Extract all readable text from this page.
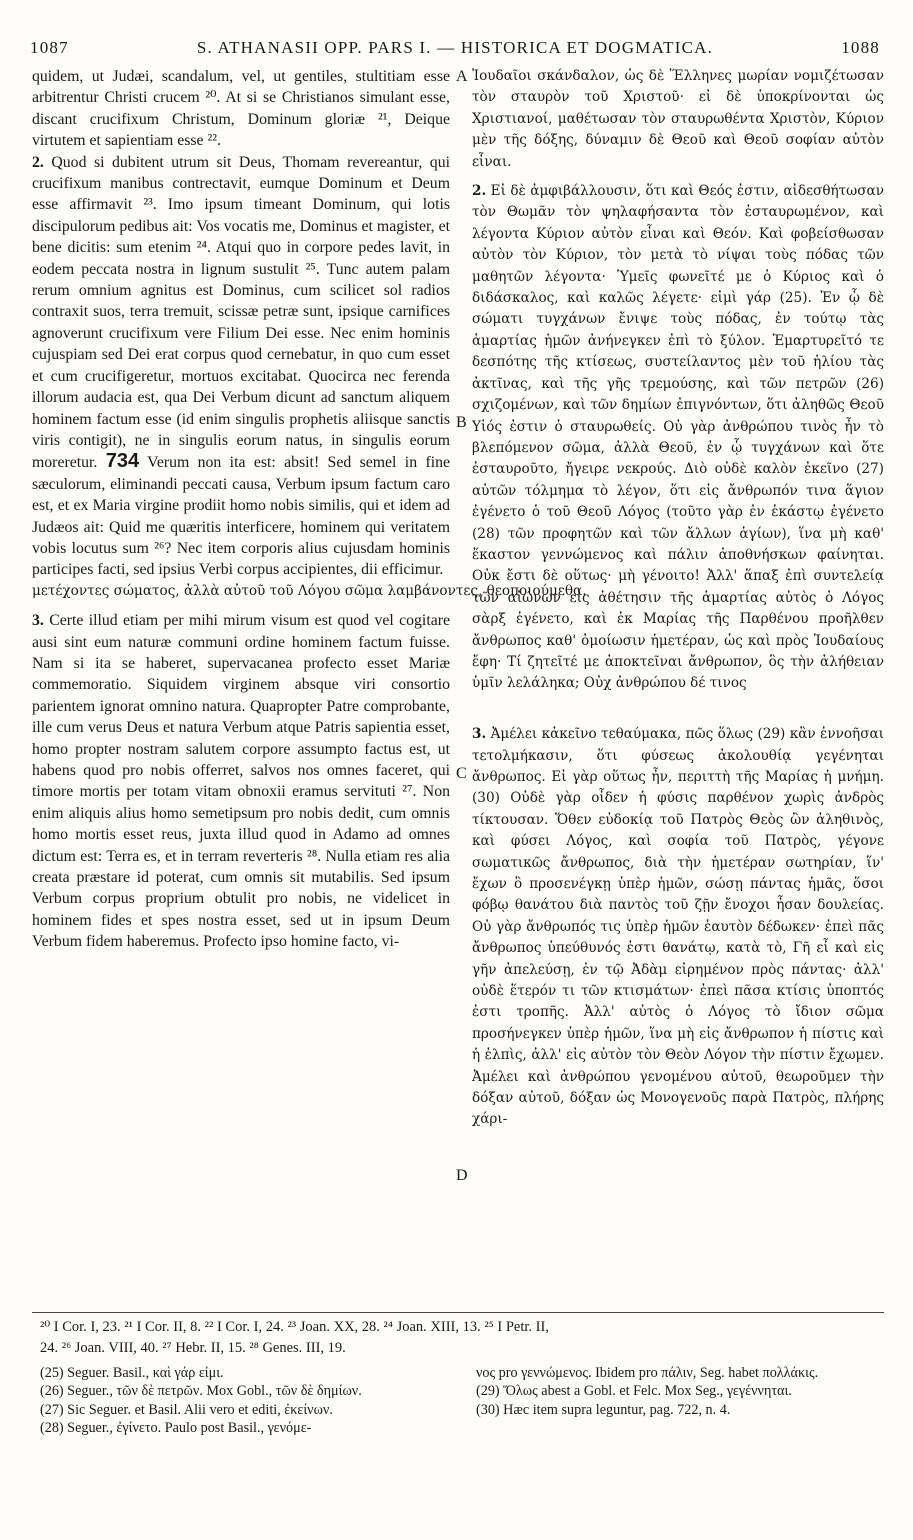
1087	S. ATHANASII OPP. PARS I. — HISTORICA ET DOGMATICA.	1088
A
B
C
D

quidem, ut Judæi, scandalum, vel, ut gentiles, stultitiam esse arbitrentur Christi crucem ²⁰. At si se Christianos simulant esse, discant crucifixum Christum, Dominum gloriæ ²¹, Deique virtutem et sapientiam esse ²².

2. Quod si dubitent utrum sit Deus, Thomam revereantur, qui crucifixum manibus contrectavit, eumque Dominum et Deum esse affirmavit ²³. Imo ipsum timeant Dominum, qui lotis discipulorum pedibus ait: Vos vocatis me, Dominus et magister, et bene dicitis: sum etenim ²⁴. Atqui quo in corpore pedes lavit, in eodem peccata nostra in lignum sustulit ²⁵. Tunc autem palam rerum omnium agnitus est Dominus, cum scilicet sol radios contraxit suos, terra tremuit, scissæ petræ sunt, ipsique carnifices agnoverunt crucifixum vere Filium Dei esse. Nec enim hominis cujuspiam sed Dei erat corpus quod cernebatur, in quo cum esset et cum crucifigeretur, mortuos excitabat. Quocirca nec ferenda illorum audacia est, qua Dei Verbum dicunt ad sanctum aliquem hominem factum esse (id enim singulis prophetis aliisque sanctis viris contigit), ne in singulis eorum natus, in singulis eorum moreretur. 734 Verum non ita est: absit! Sed semel in fine sæculorum, eliminandi peccati causa, Verbum ipsum factum caro est, et ex Maria virgine prodiit homo nobis similis, qui et idem ad Judæos ait: Quid me quæritis interficere, hominem qui veritatem vobis locutus sum ²⁶? Nec item corporis alius cujusdam hominis participes facti, sed ipsius Verbi corpus accipientes, dii efficimur.

μετέχοντες σώματος, ἀλλὰ αὐτοῦ τοῦ Λόγου σῶμα λαμβάνοντες, θεοποιούμεθα.

3. Certe illud etiam per mihi mirum visum est quod vel cogitare ausi sint eum naturæ communi ordine hominem factum fuisse. Nam si ita se haberet, supervacanea profecto esset Mariæ commemoratio. Siquidem virginem absque viri consortio parientem ignorat omnino natura. Quapropter Patre comprobante, ille cum verus Deus et natura Verbum atque Patris sapientia esset, homo propter nostram salutem corpore assumpto factus est, ut habens quod pro nobis offerret, salvos nos omnes faceret, qui timore mortis per totam vitam obnoxii eramus servituti ²⁷. Non enim aliquis alius homo semetipsum pro nobis dedit, cum omnis homo mortis esset reus, juxta illud quod in Adamo ad omnes dictum est: Terra es, et in terram reverteris ²⁸. Nulla etiam res alia creata præstare id poterat, cum omnis sit mutabilis. Sed ipsum Verbum corpus proprium obtulit pro nobis, ne videlicet in hominem fides et spes nostra esset, sed ut in ipsum Deum Verbum fidem haberemus. Profecto ipso homine facto, vi-

Ἰουδαῖοι σκάνδαλον, ὡς δὲ Ἕλληνες μωρίαν νομιζέτωσαν τὸν σταυρὸν τοῦ Χριστοῦ· εἰ δὲ ὑποκρίνονται ὡς Χριστιανοί, μαθέτωσαν τὸν σταυρωθέντα Χριστὸν, Κύριον μὲν τῆς δόξης, δύναμιν δὲ Θεοῦ καὶ Θεοῦ σοφίαν αὐτὸν εἶναι.

2. Εἰ δὲ ἀμφιβάλλουσιν, ὅτι καὶ Θεός ἐστιν, αἰδεσθήτωσαν τὸν Θωμᾶν τὸν ψηλαφήσαντα τὸν ἐσταυρωμένον, καὶ λέγοντα Κύριον αὐτὸν εἶναι καὶ Θεόν. Καὶ φοβείσθωσαν αὐτὸν τὸν Κύριον, τὸν μετὰ τὸ νίψαι τοὺς πόδας τῶν μαθητῶν λέγοντα· Ὑμεῖς φωνεῖτέ με ὁ Κύριος καὶ ὁ διδάσκαλος, καὶ καλῶς λέγετε· εἰμὶ γάρ (25). Ἐν ᾧ δὲ σώματι τυγχάνων ἔνιψε τοὺς πόδας, ἐν τούτῳ τὰς ἁμαρτίας ἡμῶν ἀνήνεγκεν ἐπὶ τὸ ξύλον. Ἐμαρτυρεῖτό τε δεσπότης τῆς κτίσεως, συστείλαντος μὲν τοῦ ἡλίου τὰς ἀκτῖνας, καὶ τῆς γῆς τρεμούσης, καὶ τῶν πετρῶν (26) σχιζομένων, καὶ τῶν δημίων ἐπιγνόντων, ὅτι ἀληθῶς Θεοῦ Υἱός ἐστιν ὁ σταυρωθείς. Οὐ γὰρ ἀνθρώπου τινὸς ἦν τὸ βλεπόμενον σῶμα, ἀλλὰ Θεοῦ, ἐν ᾧ τυγχάνων καὶ ὅτε ἐσταυροῦτο, ἤγειρε νεκρούς. Διὸ οὐδὲ καλὸν ἐκεῖνο (27) αὐτῶν τόλμημα τὸ λέγον, ὅτι εἰς ἄνθρωπόν τινα ἅγιον ἐγένετο ὁ τοῦ Θεοῦ Λόγος (τοῦτο γὰρ ἐν ἑκάστῳ ἐγένετο (28) τῶν προφητῶν καὶ τῶν ἄλλων ἁγίων), ἵνα μὴ καθ' ἕκαστον γεννώμενος καὶ πάλιν ἀποθνήσκων φαίνηται. Οὐκ ἔστι δὲ οὕτως· μὴ γένοιτο! Ἀλλ' ἅπαξ ἐπὶ συντελείᾳ τῶν αἰώνων εἰς ἀθέτησιν τῆς ἁμαρτίας αὐτὸς ὁ Λόγος σὰρξ ἐγένετο, καὶ ἐκ Μαρίας τῆς Παρθένου προῆλθεν ἄνθρωπος καθ' ὁμοίωσιν ἡμετέραν, ὡς καὶ πρὸς Ἰουδαίους ἔφη· Τί ζητεῖτέ με ἀποκτεῖναι ἄνθρωπον, ὃς τὴν ἀλήθειαν ὑμῖν λελάληκα; Οὐχ ἀνθρώπου δέ τινος

3. Ἀμέλει κἀκεῖνο τεθαύμακα, πῶς ὅλως (29) κἂν ἐννοῆσαι τετολμήκασιν, ὅτι φύσεως ἀκολουθίᾳ γεγένηται ἄνθρωπος. Εἰ γὰρ οὕτως ἦν, περιττὴ τῆς Μαρίας ἡ μνήμη. (30) Οὐδὲ γὰρ οἶδεν ἡ φύσις παρθένον χωρὶς ἀνδρὸς τίκτουσαν. Ὅθεν εὐδοκίᾳ τοῦ Πατρὸς Θεὸς ὢν ἀληθινὸς, καὶ φύσει Λόγος, καὶ σοφία τοῦ Πατρὸς, γέγονε σωματικῶς ἄνθρωπος, διὰ τὴν ἡμετέραν σωτηρίαν, ἵν' ἔχων ὃ προσενέγκῃ ὑπὲρ ἡμῶν, σώσῃ πάντας ἡμᾶς, ὅσοι φόβῳ θανάτου διὰ παντὸς τοῦ ζῇν ἔνοχοι ἦσαν δουλείας. Οὐ γὰρ ἄνθρωπός τις ὑπὲρ ἡμῶν ἑαυτὸν δέδωκεν· ἐπεὶ πᾶς ἄνθρωπος ὑπεύθυνός ἐστι θανάτῳ, κατὰ τὸ, Γῆ εἶ καὶ εἰς γῆν ἀπελεύσῃ, ἐν τῷ Ἀδὰμ εἰρημένον πρὸς πάντας· ἀλλ' οὐδὲ ἕτερόν τι τῶν κτισμάτων· ἐπεὶ πᾶσα κτίσις ὑποπτός ἐστι τροπῆς. Ἀλλ' αὐτὸς ὁ Λόγος τὸ ἴδιον σῶμα προσήνεγκεν ὑπὲρ ἡμῶν, ἵνα μὴ εἰς ἄνθρωπον ἡ πίστις καὶ ἡ ἐλπὶς, ἀλλ' εἰς αὐτὸν τὸν Θεὸν Λόγον τὴν πίστιν ἔχωμεν. Ἀμέλει καὶ ἀνθρώπου γενομένου αὐτοῦ, θεωροῦμεν τὴν δόξαν αὐτοῦ, δόξαν ὡς Μονογενοῦς παρὰ Πατρὸς, πλήρης χάρι-

²⁰ I Cor. I, 23. ²¹ I Cor. II, 8. ²² I Cor. I, 24. ²³ Joan. XX, 28. ²⁴ Joan. XIII, 13. ²⁵ I Petr. II,

24. ²⁶ Joan. VIII, 40. ²⁷ Hebr. II, 15. ²⁸ Genes. III, 19.

(25) Seguer. Basil., καὶ γάρ εἰμι.

(26) Seguer., τῶν δὲ πετρῶν. Mox Gobl., τῶν δὲ δημίων.

(27) Sic Seguer. et Basil. Alii vero et editi, ἐκείνων.

(28) Seguer., ἐγίνετο. Paulo post Basil., γενόμε-

νος pro γεννώμενος. Ibidem pro πάλιν, Seg. habet πολλάκις.

(29) Ὅλως abest a Gobl. et Felc. Mox Seg., γεγέννηται.

(30) Hæc item supra leguntur, pag. 722, n. 4.
